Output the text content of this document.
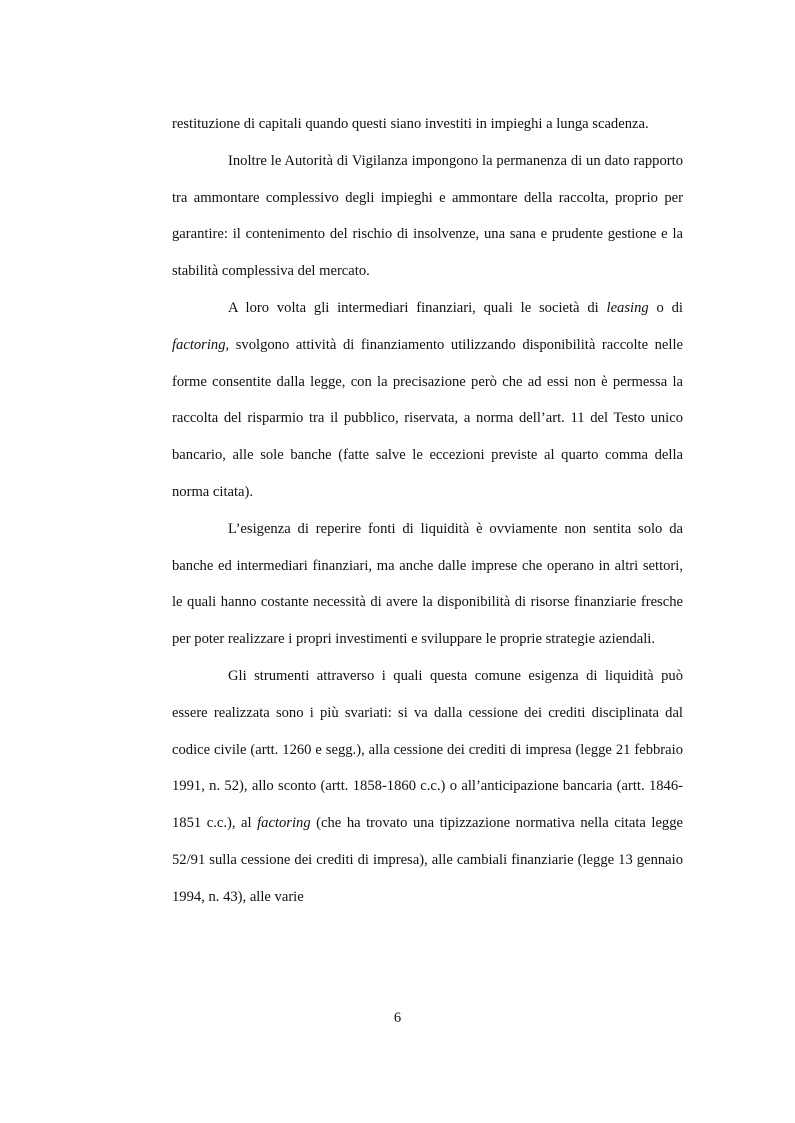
restituzione di capitali quando questi siano investiti in impieghi a lunga scadenza.

Inoltre le Autorità di Vigilanza impongono la permanenza di un dato rapporto tra ammontare complessivo degli impieghi e ammontare della raccolta, proprio per garantire: il contenimento del rischio di insolvenze, una sana e prudente gestione e la stabilità complessiva del mercato.

A loro volta gli intermediari finanziari, quali le società di leasing o di factoring, svolgono attività di finanziamento utilizzando disponibilità raccolte nelle forme consentite dalla legge, con la precisazione però che ad essi non è permessa la raccolta del risparmio tra il pubblico, riservata, a norma dell’art. 11 del Testo unico bancario, alle sole banche (fatte salve le eccezioni previste al quarto comma della norma citata).

L’esigenza di reperire fonti di liquidità è ovviamente non sentita solo da banche ed intermediari finanziari, ma anche dalle imprese che operano in altri settori, le quali hanno costante necessità di avere la disponibilità di risorse finanziarie fresche per poter realizzare i propri investimenti e sviluppare le proprie strategie aziendali.

Gli strumenti attraverso i quali questa comune esigenza di liquidità può essere realizzata sono i più svariati: si va dalla cessione dei crediti disciplinata dal codice civile (artt. 1260 e segg.), alla cessione dei crediti di impresa (legge 21 febbraio 1991, n. 52), allo sconto (artt. 1858-1860 c.c.) o all’anticipazione bancaria (artt. 1846-1851 c.c.), al factoring (che ha trovato una tipizzazione normativa nella citata legge 52/91 sulla cessione dei crediti di impresa), alle cambiali finanziarie (legge 13 gennaio 1994, n. 43), alle varie

6
